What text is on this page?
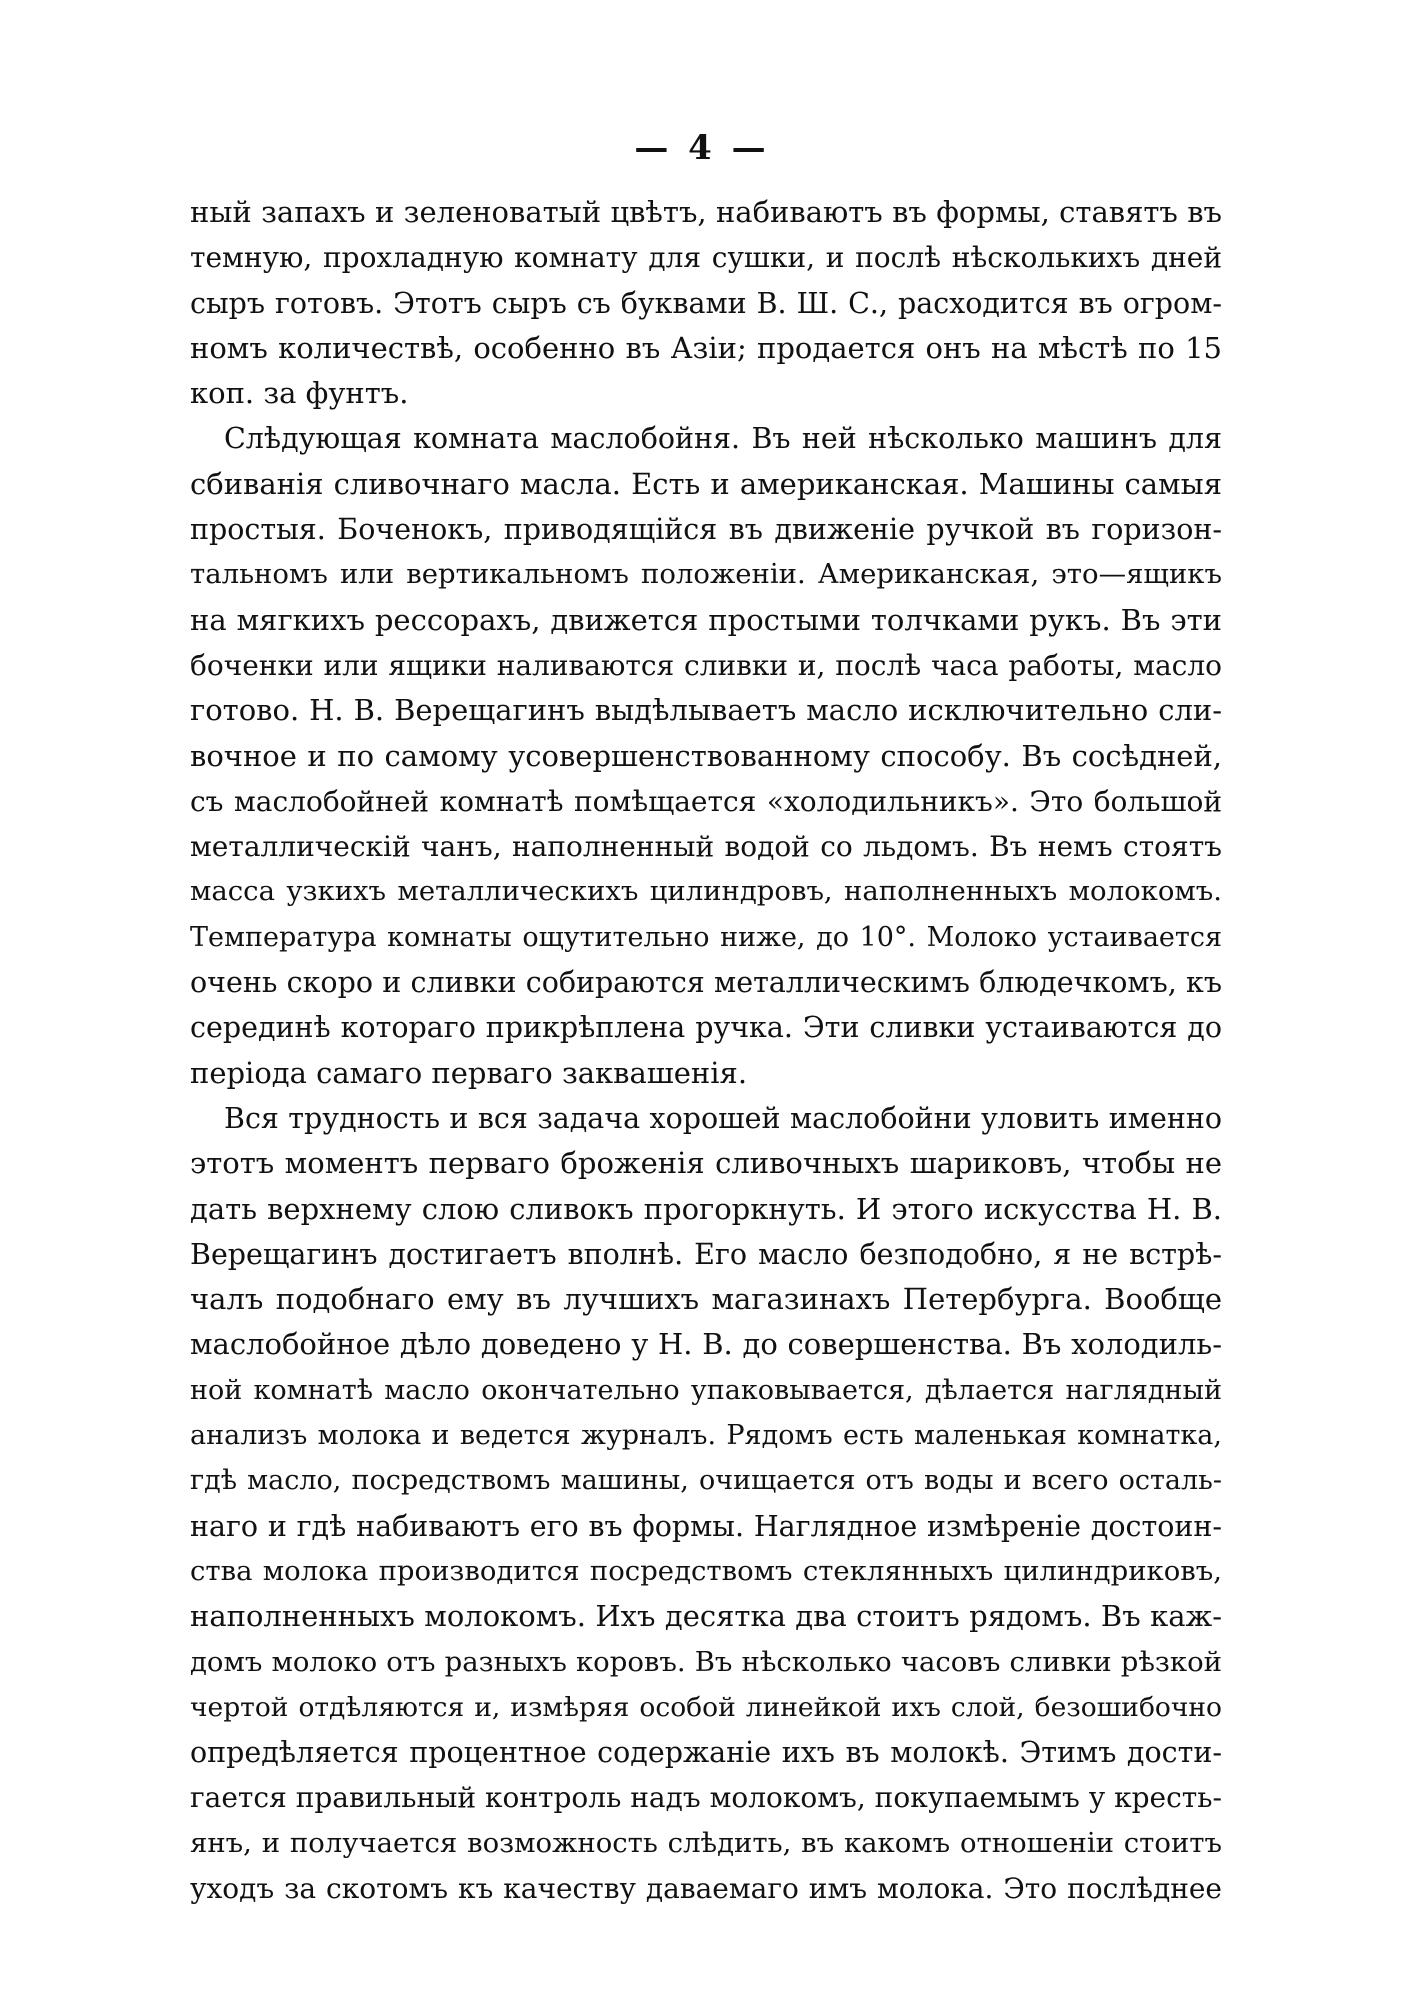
— 4 —
ный запахъ и зеленоватый цвѣтъ, набиваютъ въ формы, ставятъ въ
темную, прохладную комнату для сушки, и послѣ нѣсколькихъ дней
сыръ готовъ. Этотъ сыръ съ буквами В. Ш. С., расходится въ огром-
номъ количествѣ, особенно въ Азіи; продается онъ на мѣстѣ по 15
коп. за фунтъ.
Слѣдующая комната маслобойня. Въ ней нѣсколько машинъ для
сбиванія сливочнаго масла. Есть и американская. Машины самыя
простыя. Боченокъ, приводящійся въ движеніе ручкой въ горизон-
тальномъ или вертикальномъ положеніи. Американская, это—ящикъ
на мягкихъ рессорахъ, движется простыми толчками рукъ. Въ эти
боченки или ящики наливаются сливки и, послѣ часа работы, масло
готово. Н. В. Верещагинъ выдѣлываетъ масло исключительно сли-
вочное и по самому усовершенствованному способу. Въ сосѣдней,
съ маслобойней комнатѣ помѣщается «холодильникъ». Это большой
металлическій чанъ, наполненный водой со льдомъ. Въ немъ стоятъ
масса узкихъ металлическихъ цилиндровъ, наполненныхъ молокомъ.
Температура комнаты ощутительно ниже, до 10°. Молоко устаивается
очень скоро и сливки собираются металлическимъ блюдечкомъ, къ
серединѣ котораго прикрѣплена ручка. Эти сливки устаиваются до
періода самаго перваго заквашенія.
Вся трудность и вся задача хорошей маслобойни уловить именно
этотъ моментъ перваго броженія сливочныхъ шариковъ, чтобы не
дать верхнему слою сливокъ прогоркнуть. И этого искусства Н. В.
Верещагинъ достигаетъ вполнѣ. Его масло безподобно, я не встрѣ-
чалъ подобнаго ему въ лучшихъ магазинахъ Петербурга. Вообще
маслобойное дѣло доведено у Н. В. до совершенства. Въ холодиль-
ной комнатѣ масло окончательно упаковывается, дѣлается наглядный
анализъ молока и ведется журналъ. Рядомъ есть маленькая комнатка,
гдѣ масло, посредствомъ машины, очищается отъ воды и всего осталь-
наго и гдѣ набиваютъ его въ формы. Наглядное измѣреніе достоин-
ства молока производится посредствомъ стеклянныхъ цилиндриковъ,
наполненныхъ молокомъ. Ихъ десятка два стоитъ рядомъ. Въ каж-
домъ молоко отъ разныхъ коровъ. Въ нѣсколько часовъ сливки рѣзкой
чертой отдѣляются и, измѣряя особой линейкой ихъ слой, безошибочно
опредѣляется процентное содержаніе ихъ въ молокѣ. Этимъ дости-
гается правильный контроль надъ молокомъ, покупаемымъ у кресть-
янъ, и получается возможность слѣдить, въ какомъ отношеніи стоитъ
уходъ за скотомъ къ качеству даваемаго имъ молока. Это послѣднее
